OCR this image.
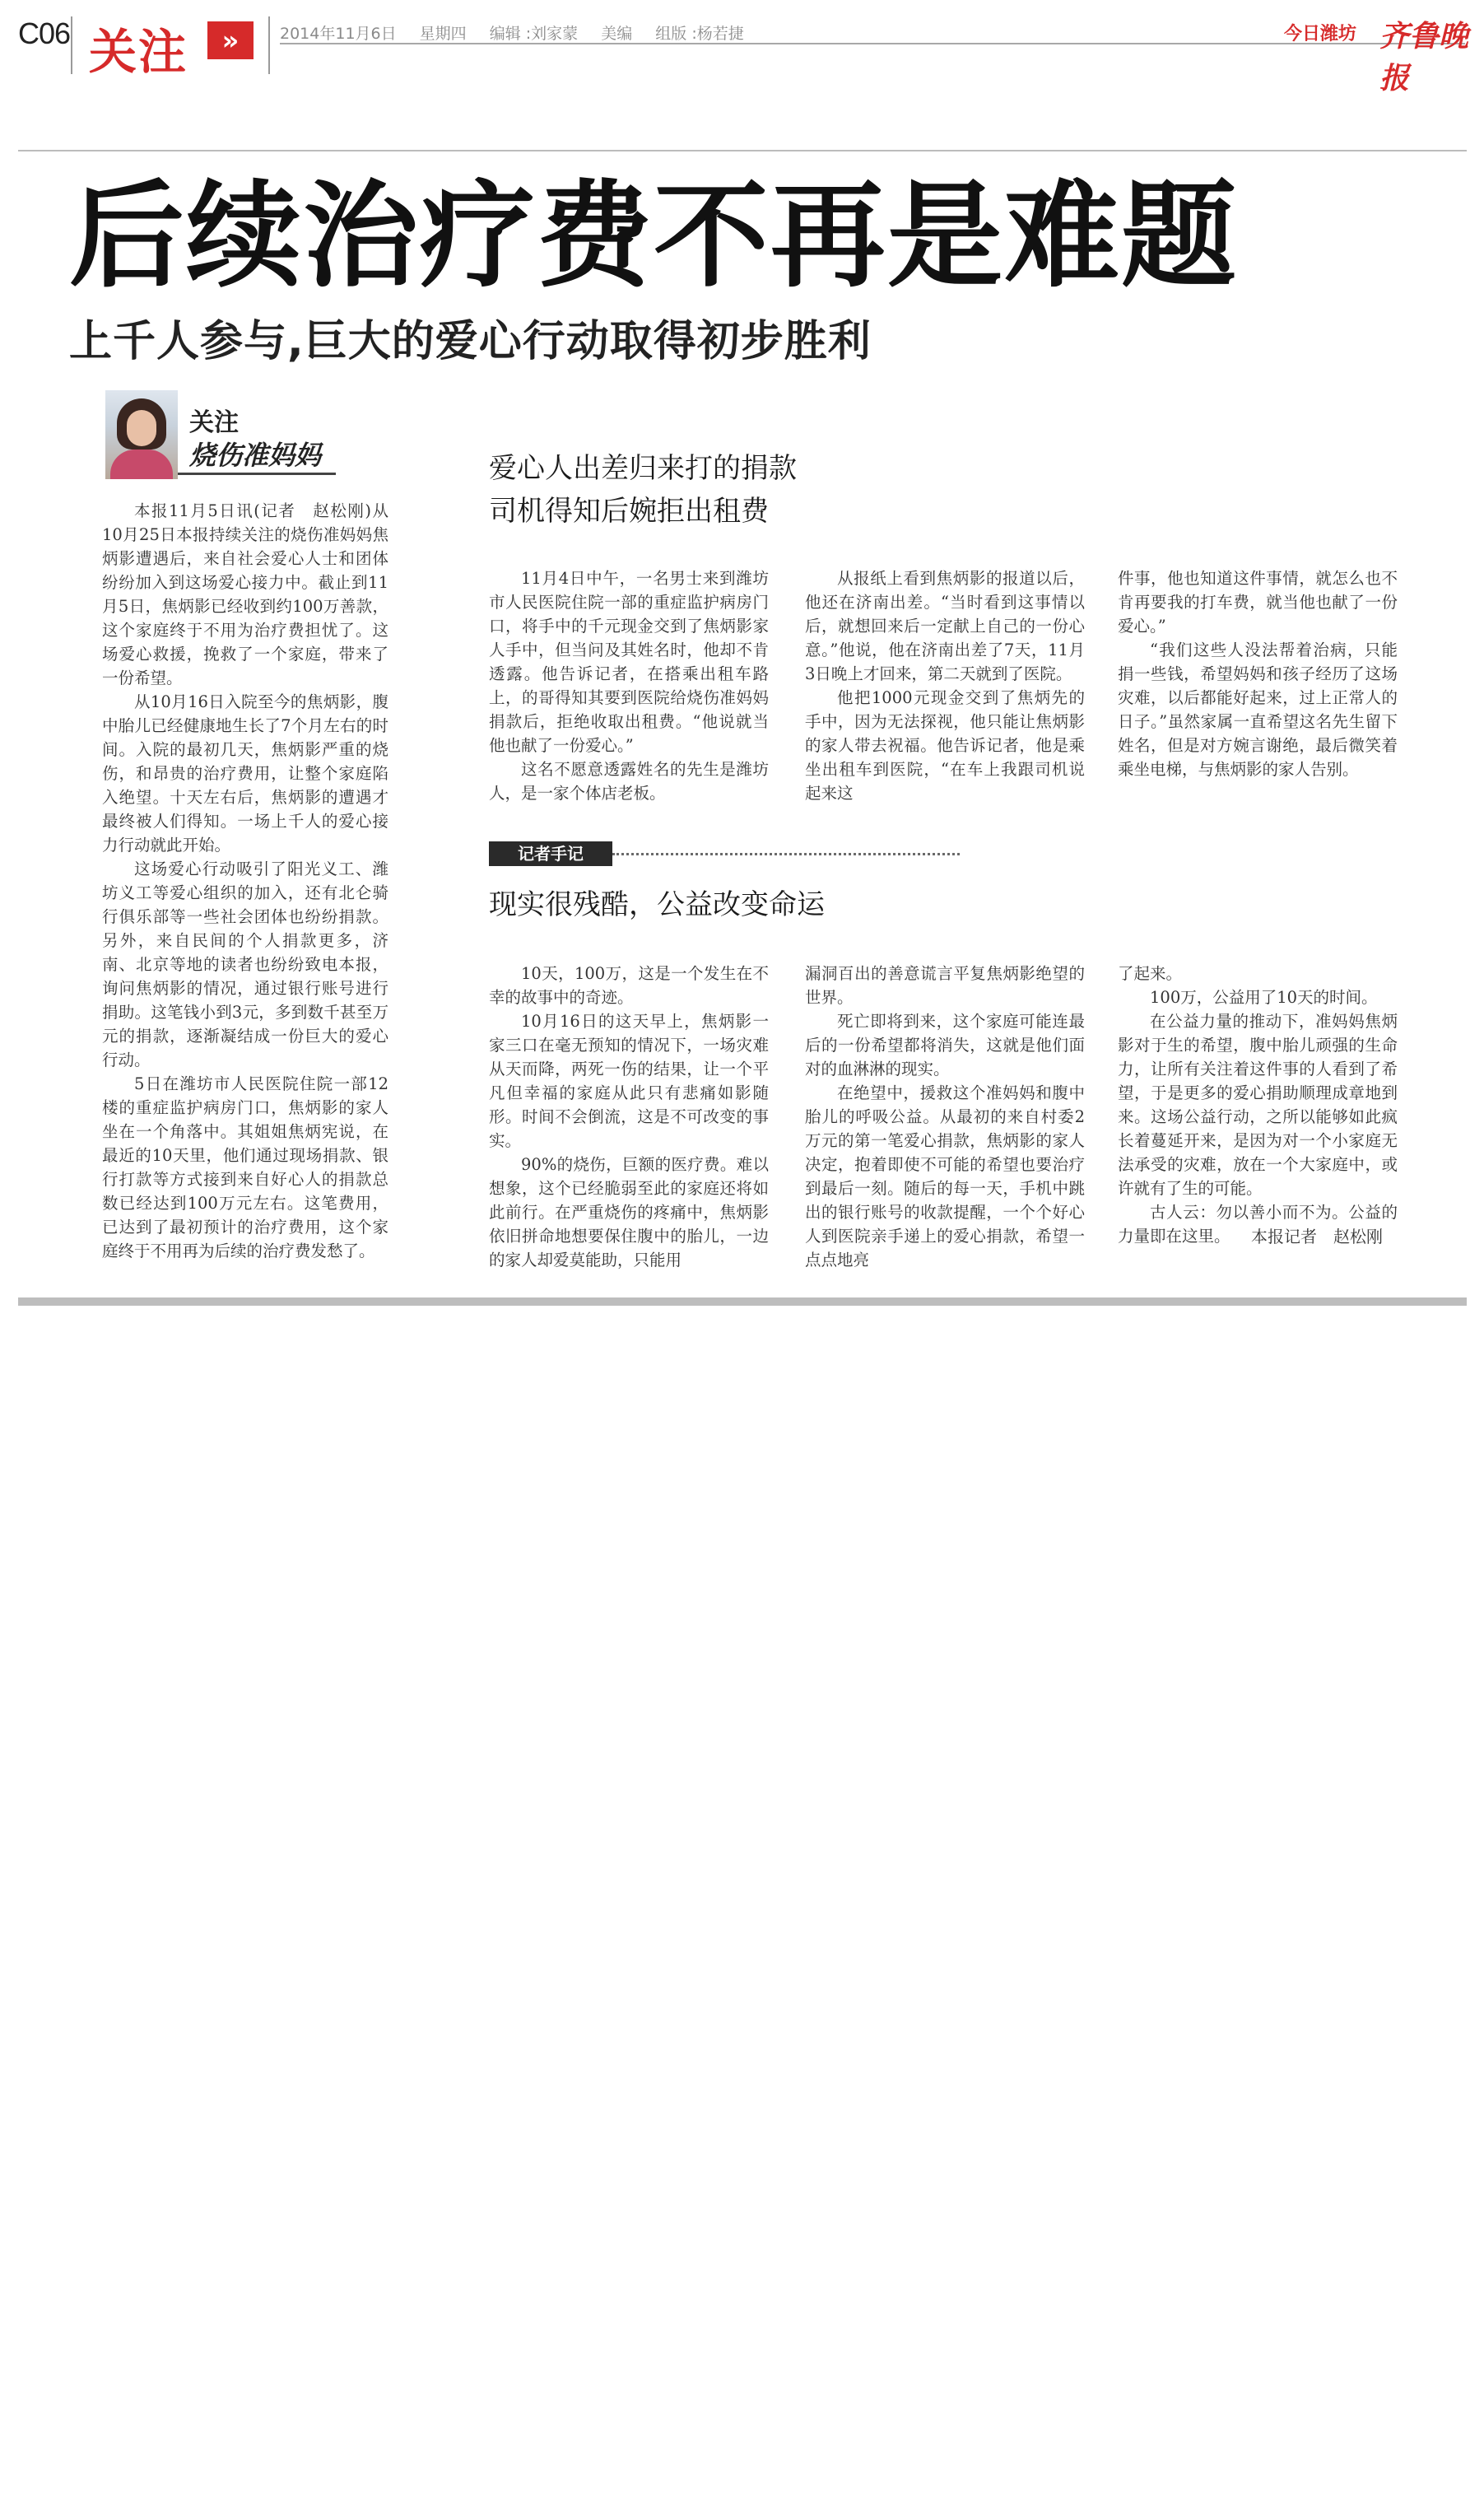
C06 关注	»	2014年11月6日 星期四 编辑 :刘家蒙 美编 组版 :杨若捷	今日潍坊 齐鲁晚报
后续治疗费不再是难题
上千人参与,巨大的爱心行动取得初步胜利
关注
烧伤准妈妈

本报11月5日讯(记者　赵松刚)从10月25日本报持续关注的烧伤准妈妈焦炳影遭遇后，来自社会爱心人士和团体纷纷加入到这场爱心接力中。截止到11月5日，焦炳影已经收到约100万善款，这个家庭终于不用为治疗费担忧了。这场爱心救援，挽救了一个家庭，带来了一份希望。

从10月16日入院至今的焦炳影，腹中胎儿已经健康地生长了7个月左右的时间。入院的最初几天，焦炳影严重的烧伤，和昂贵的治疗费用，让整个家庭陷入绝望。十天左右后，焦炳影的遭遇才最终被人们得知。一场上千人的爱心接力行动就此开始。

这场爱心行动吸引了阳光义工、潍坊义工等爱心组织的加入，还有北仑骑行俱乐部等一些社会团体也纷纷捐款。另外，来自民间的个人捐款更多，济南、北京等地的读者也纷纷致电本报，询问焦炳影的情况，通过银行账号进行捐助。这笔钱小到3元，多到数千甚至万元的捐款，逐渐凝结成一份巨大的爱心行动。

5日在潍坊市人民医院住院一部12楼的重症监护病房门口，焦炳影的家人坐在一个角落中。其姐姐焦炳宪说，在最近的10天里，他们通过现场捐款、银行打款等方式接到来自好心人的捐款总数已经达到100万元左右。这笔费用，已达到了最初预计的治疗费用，这个家庭终于不用再为后续的治疗费发愁了。

爱心人出差归来打的捐款
司机得知后婉拒出租费

11月4日中午，一名男士来到潍坊市人民医院住院一部的重症监护病房门口，将手中的千元现金交到了焦炳影家人手中，但当问及其姓名时，他却不肯透露。他告诉记者，在搭乘出租车路上，的哥得知其要到医院给烧伤准妈妈捐款后，拒绝收取出租费。“他说就当他也献了一份爱心。”

这名不愿意透露姓名的先生是潍坊人，是一家个体店老板。

从报纸上看到焦炳影的报道以后，他还在济南出差。“当时看到这事情以后，就想回来后一定献上自己的一份心意。”他说，他在济南出差了7天，11月3日晚上才回来，第二天就到了医院。

他把1000元现金交到了焦炳先的手中，因为无法探视，他只能让焦炳影的家人带去祝福。他告诉记者，他是乘坐出租车到医院，“在车上我跟司机说起来这

件事，他也知道这件事情，就怎么也不肯再要我的打车费，就当他也献了一份爱心。”

“我们这些人没法帮着治病，只能捐一些钱，希望妈妈和孩子经历了这场灾难，以后都能好起来，过上正常人的日子。”虽然家属一直希望这名先生留下姓名，但是对方婉言谢绝，最后微笑着乘坐电梯，与焦炳影的家人告别。

记者手记
现实很残酷，公益改变命运

10天，100万，这是一个发生在不幸的故事中的奇迹。

10月16日的这天早上，焦炳影一家三口在毫无预知的情况下，一场灾难从天而降，两死一伤的结果，让一个平凡但幸福的家庭从此只有悲痛如影随形。时间不会倒流，这是不可改变的事实。

90%的烧伤，巨额的医疗费。难以想象，这个已经脆弱至此的家庭还将如此前行。在严重烧伤的疼痛中，焦炳影依旧拼命地想要保住腹中的胎儿，一边的家人却爱莫能助，只能用

漏洞百出的善意谎言平复焦炳影绝望的世界。

死亡即将到来，这个家庭可能连最后的一份希望都将消失，这就是他们面对的血淋淋的现实。

在绝望中，援救这个准妈妈和腹中胎儿的呼吸公益。从最初的来自村委2万元的第一笔爱心捐款，焦炳影的家人决定，抱着即使不可能的希望也要治疗到最后一刻。随后的每一天，手机中跳出的银行账号的收款提醒，一个个好心人到医院亲手递上的爱心捐款，希望一点点地亮

了起来。

100万，公益用了10天的时间。

在公益力量的推动下，准妈妈焦炳影对于生的希望，腹中胎儿顽强的生命力，让所有关注着这件事的人看到了希望，于是更多的爱心捐助顺理成章地到来。这场公益行动，之所以能够如此疯长着蔓延开来，是因为对一个小家庭无法承受的灾难，放在一个大家庭中，或许就有了生的可能。

古人云：勿以善小而不为。公益的力量即在这里。	本报记者　赵松刚
